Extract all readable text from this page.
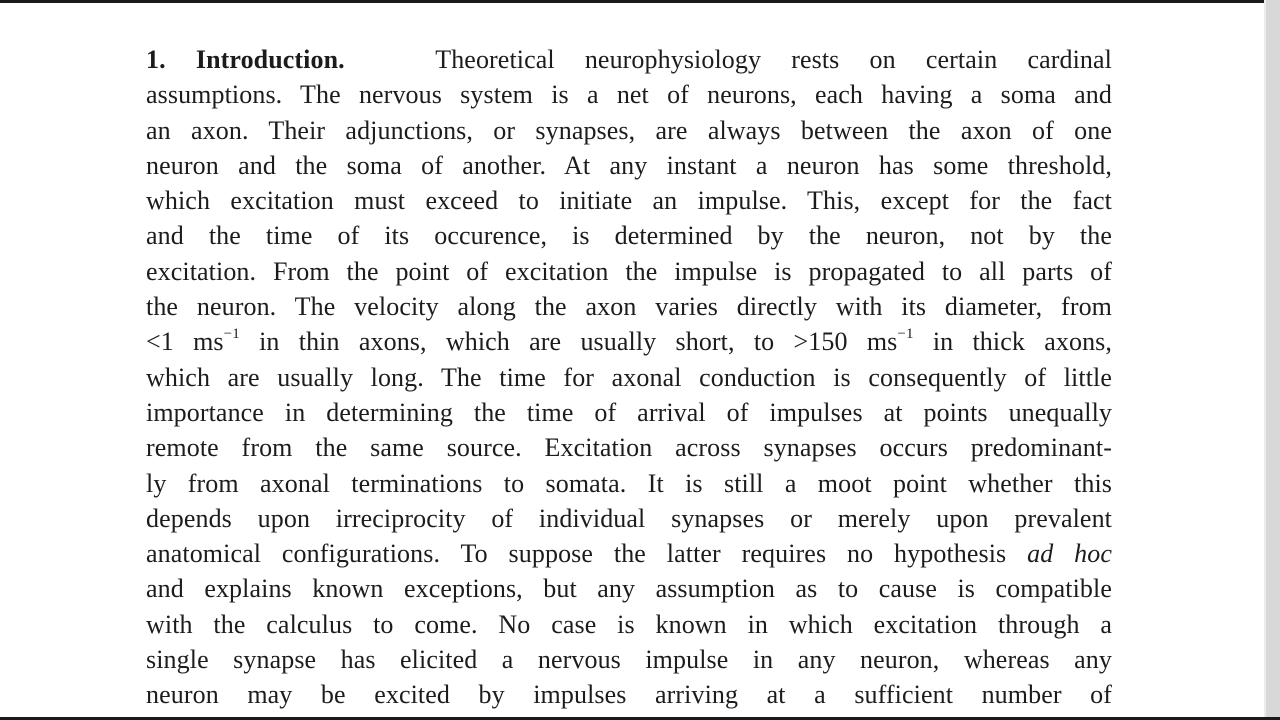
1. Introduction.	Theoretical neurophysiology rests on certain cardinal
assumptions. The nervous system is a net of neurons, each having a soma and
an axon. Their adjunctions, or synapses, are always between the axon of one
neuron and the soma of another. At any instant a neuron has some threshold,
which excitation must exceed to initiate an impulse. This, except for the fact
and the time of its occurence, is determined by the neuron, not by the
excitation. From the point of excitation the impulse is propagated to all parts of
the neuron. The velocity along the axon varies directly with its diameter, from
<1 $ms^{-1}$ in thin axons, which are usually short, to >150 $ms^{-1}$ in thick axons,
which are usually long. The time for axonal conduction is consequently of little
importance in determining the time of arrival of impulses at points unequally
remote from the same source. Excitation across synapses occurs predominant-
ly from axonal terminations to somata. It is still a moot point whether this
depends upon irreciprocity of individual synapses or merely upon prevalent
anatomical configurations. To suppose the latter requires no hypothesis ad hoc
and explains known exceptions, but any assumption as to cause is compatible
with the calculus to come. No case is known in which excitation through a
single synapse has elicited a nervous impulse in any neuron, whereas any
neuron may be excited by impulses arriving at a sufficient number of
